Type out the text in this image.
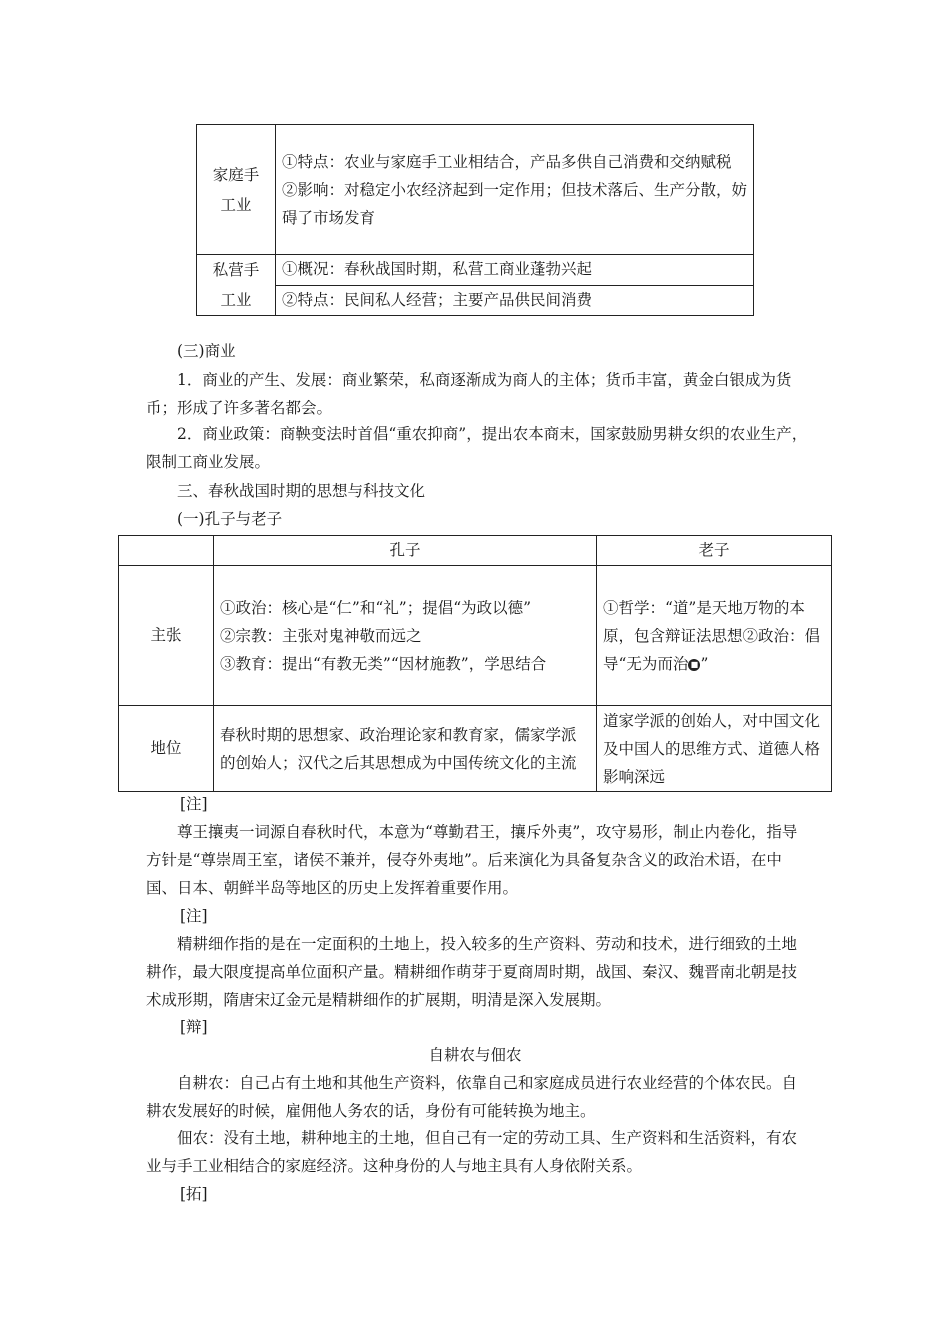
家庭手工业	①特点：农业与家庭手工业相结合，产品多供自己消费和交纳赋税
②影响：对稳定小农经济起到一定作用；但技术落后、生产分散，妨碍了市场发育

私营手工业	①概况：春秋战国时期，私营工商业蓬勃兴起
	②特点：民间私人经营；主要产品供民间消费
(三)商业
1．商业的产生、发展：商业繁荣，私商逐渐成为商人的主体；货币丰富，黄金白银成为货币；形成了许多著名都会。
2．商业政策：商鞅变法时首倡“重农抑商”，提出农本商末，国家鼓励男耕女织的农业生产，限制工商业发展。
三、春秋战国时期的思想与科技文化
(一)孔子与老子
	孔子	老子
主张	①政治：核心是“仁”和“礼”；提倡“为政以德”
②宗教：主张对鬼神敬而远之
③教育：提出“有教无类”“因材施教”，学思结合	①哲学：“道”是天地万物的本原，包含辩证法思想②政治：倡导“无为而治 ■ ”
地位	春秋时期的思想家、政治理论家和教育家，儒家学派的创始人；汉代之后其思想成为中国传统文化的主流	道家学派的创始人，对中国文化及中国人的思维方式、道德人格影响深远
[注]
尊王攘夷一词源自春秋时代，本意为“尊勤君王，攘斥外夷”，攻守易形，制止内卷化，指导方针是“尊崇周王室，诸侯不兼并，侵夺外夷地”。后来演化为具备复杂含义的政治术语，在中国、日本、朝鲜半岛等地区的历史上发挥着重要作用。
[注]
精耕细作指的是在一定面积的土地上，投入较多的生产资料、劳动和技术，进行细致的土地耕作，最大限度提高单位面积产量。精耕细作萌芽于夏商周时期，战国、秦汉、魏晋南北朝是技术成形期，隋唐宋辽金元是精耕细作的扩展期，明清是深入发展期。
[辩]
自耕农与佃农
自耕农：自己占有土地和其他生产资料，依靠自己和家庭成员进行农业经营的个体农民。自耕农发展好的时候，雇佣他人务农的话，身份有可能转换为地主。
佃农：没有土地，耕种地主的土地，但自己有一定的劳动工具、生产资料和生活资料，有农业与手工业相结合的家庭经济。这种身份的人与地主具有人身依附关系。
[拓]
